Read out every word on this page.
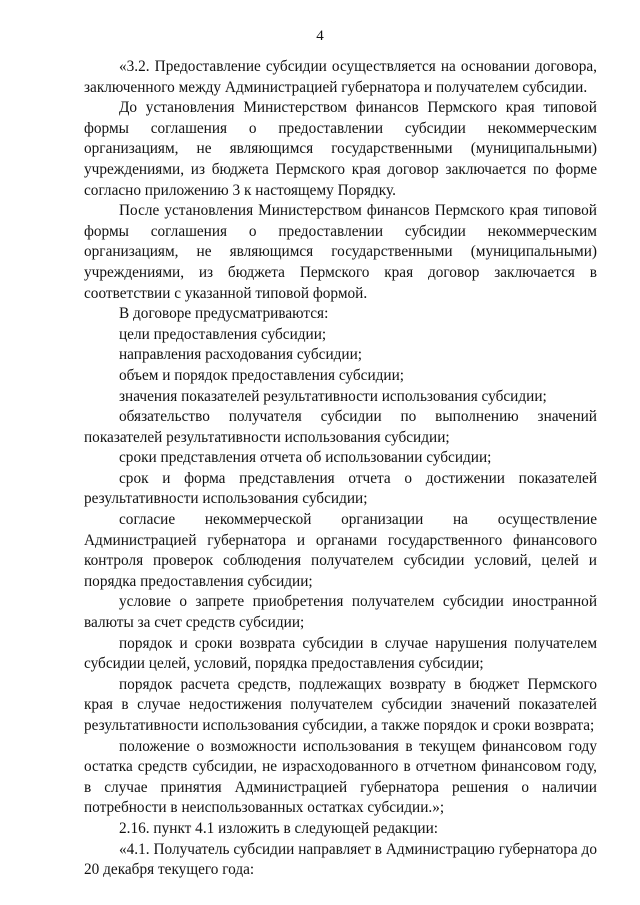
4

«3.2. Предоставление субсидии осуществляется на основании договора, заключенного между Администрацией губернатора и получателем субсидии.

До установления Министерством финансов Пермского края типовой формы соглашения о предоставлении субсидии некоммерческим организациям, не являющимся государственными (муниципальными) учреждениями, из бюджета Пермского края договор заключается по форме согласно приложению 3 к настоящему Порядку.

После установления Министерством финансов Пермского края типовой формы соглашения о предоставлении субсидии некоммерческим организациям, не являющимся государственными (муниципальными) учреждениями, из бюджета Пермского края договор заключается в соответствии с указанной типовой формой.

В договоре предусматриваются:

цели предоставления субсидии;

направления расходования субсидии;

объем и порядок предоставления субсидии;

значения показателей результативности использования субсидии;

обязательство получателя субсидии по выполнению значений показателей результативности использования субсидии;

сроки представления отчета об использовании субсидии;

срок и форма представления отчета о достижении показателей результативности использования субсидии;

согласие некоммерческой организации на осуществление Администрацией губернатора и органами государственного финансового контроля проверок соблюдения получателем субсидии условий, целей и порядка предоставления субсидии;

условие о запрете приобретения получателем субсидии иностранной валюты за счет средств субсидии;

порядок и сроки возврата субсидии в случае нарушения получателем субсидии целей, условий, порядка предоставления субсидии;

порядок расчета средств, подлежащих возврату в бюджет Пермского края в случае недостижения получателем субсидии значений показателей результативности использования субсидии, а также порядок и сроки возврата;

положение о возможности использования в текущем финансовом году остатка средств субсидии, не израсходованного в отчетном финансовом году, в случае принятия Администрацией губернатора решения о наличии потребности в неиспользованных остатках субсидии.»;

2.16. пункт 4.1 изложить в следующей редакции:

«4.1. Получатель субсидии направляет в Администрацию губернатора до 20 декабря текущего года:
